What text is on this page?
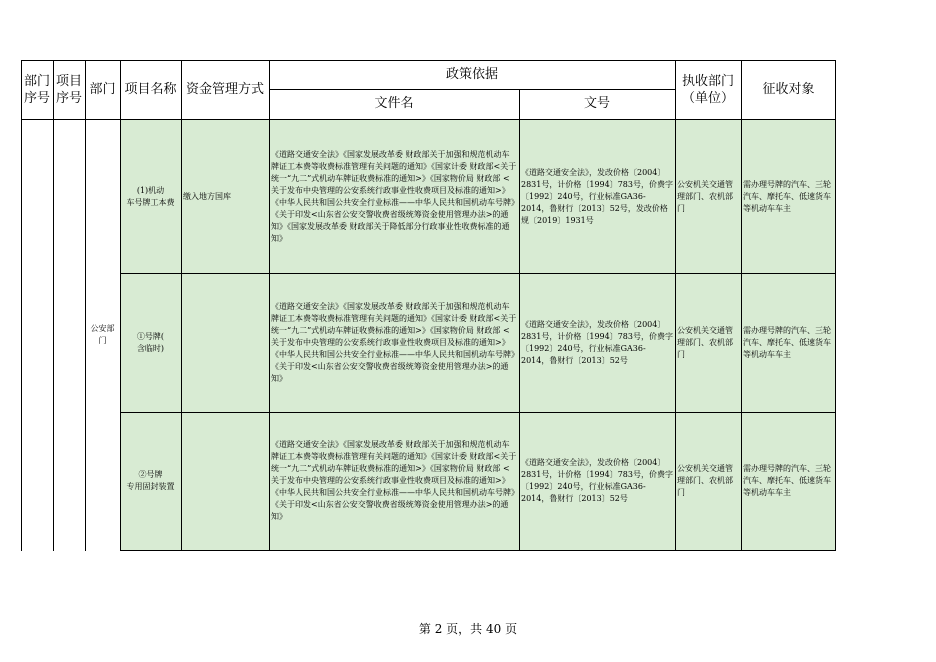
部门
序号
项目
序号
部门 项目名称 资金管理方式
政策依据
文件名	文号
执收部门
（单位）
征收对象
公安部
门
(1)机动
车号牌工本费
缴入地方国库
《道路交通安全法》《国家发展改革委 财政部关于加强和规范机动车牌证工本费等收费标准管理有关问题的通知》《国家计委 财政部<关于统一“九二”式机动车牌证收费标准的通知>》《国家物价局 财政部 <关于发布中央管理的公安系统行政事业性收费项目及标准的通知>》《中华人民共和国公共安全行业标准——中华人民共和国机动车号牌》《关于印发<山东省公安交警收费省级统筹资金使用管理办法>的通知》《国家发展改革委 财政部关于降低部分行政事业性收费标准的通知》
《道路交通安全法》，发改价格〔2004〕2831号，计价格〔1994〕783号，价费字〔1992〕240号，行业标准GA36-2014，鲁财行〔2013〕52号，发改价格规〔2019〕1931号
公安机关交通管理部门、农机部门
需办理号牌的汽车、三轮汽车、摩托车、低速货车等机动车车主
①号牌(
含临时)
《道路交通安全法》《国家发展改革委 财政部关于加强和规范机动车牌证工本费等收费标准管理有关问题的通知》《国家计委 财政部<关于统一“九二”式机动车牌证收费标准的通知>》《国家物价局 财政部 <关于发布中央管理的公安系统行政事业性收费项目及标准的通知>》《中华人民共和国公共安全行业标准——中华人民共和国机动车号牌》《关于印发<山东省公安交警收费省级统筹资金使用管理办法>的通知》
《道路交通安全法》，发改价格〔2004〕2831号，计价格〔1994〕783号，价费字〔1992〕240号，行业标准GA36-2014，鲁财行〔2013〕52号
公安机关交通管理部门、农机部门
需办理号牌的汽车、三轮汽车、摩托车、低速货车等机动车车主
②号牌
专用固封装置
《道路交通安全法》《国家发展改革委 财政部关于加强和规范机动车牌证工本费等收费标准管理有关问题的通知》《国家计委 财政部<关于统一“九二”式机动车牌证收费标准的通知>》《国家物价局 财政部 <关于发布中央管理的公安系统行政事业性收费项目及标准的通知>》《中华人民共和国公共安全行业标准——中华人民共和国机动车号牌》《关于印发<山东省公安交警收费省级统筹资金使用管理办法>的通知》
《道路交通安全法》，发改价格〔2004〕2831号，计价格〔1994〕783号，价费字〔1992〕240号，行业标准GA36-2014，鲁财行〔2013〕52号
公安机关交通管理部门、农机部门
需办理号牌的汽车、三轮汽车、摩托车、低速货车等机动车车主
第 2 页，共 40 页
